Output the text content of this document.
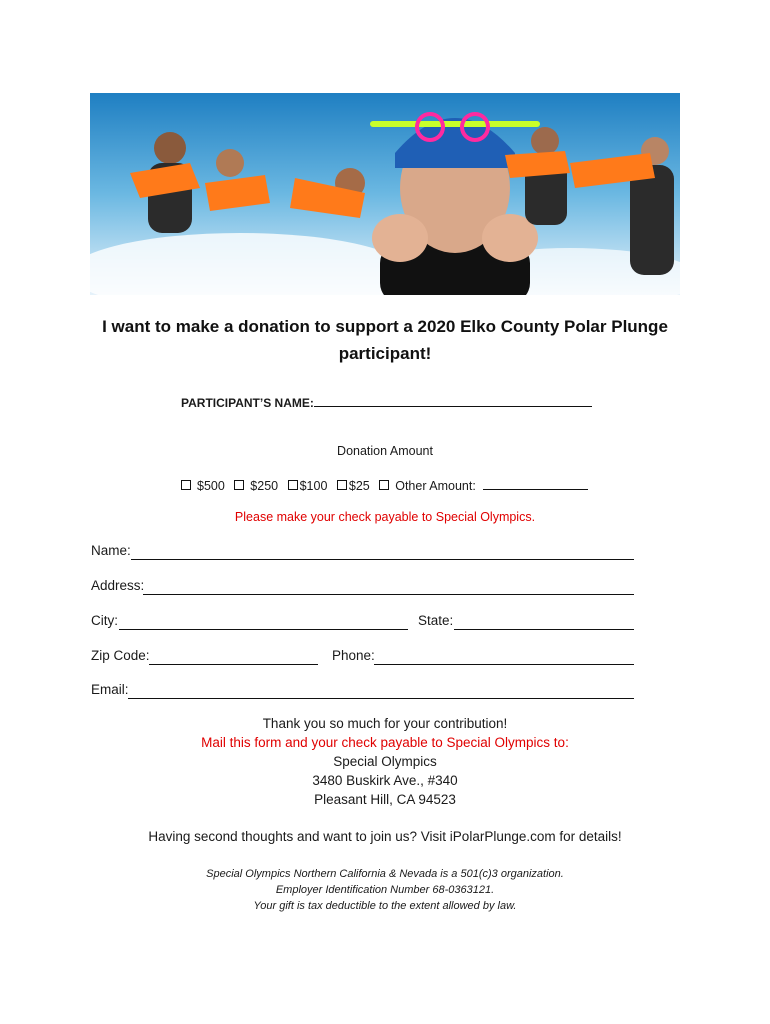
I want to make a donation to support a 2020 Elko County Polar Plunge
participant!
PARTICIPANT’S NAME:
Donation Amount
$500 $250 $100 $25 Other Amount:
Please make your check payable to Special Olympics.
Name:
Address:
City:	State:
Zip Code:	Phone:
Email:
Thank you so much for your contribution!
Mail this form and your check payable to Special Olympics to:
Special Olympics
3480 Buskirk Ave., #340
Pleasant Hill, CA 94523
Having second thoughts and want to join us? Visit iPolarPlunge.com for details!
Special Olympics Northern California & Nevada is a 501(c)3 organization.
Employer Identification Number 68-0363121.
Your gift is tax deductible to the extent allowed by law.
